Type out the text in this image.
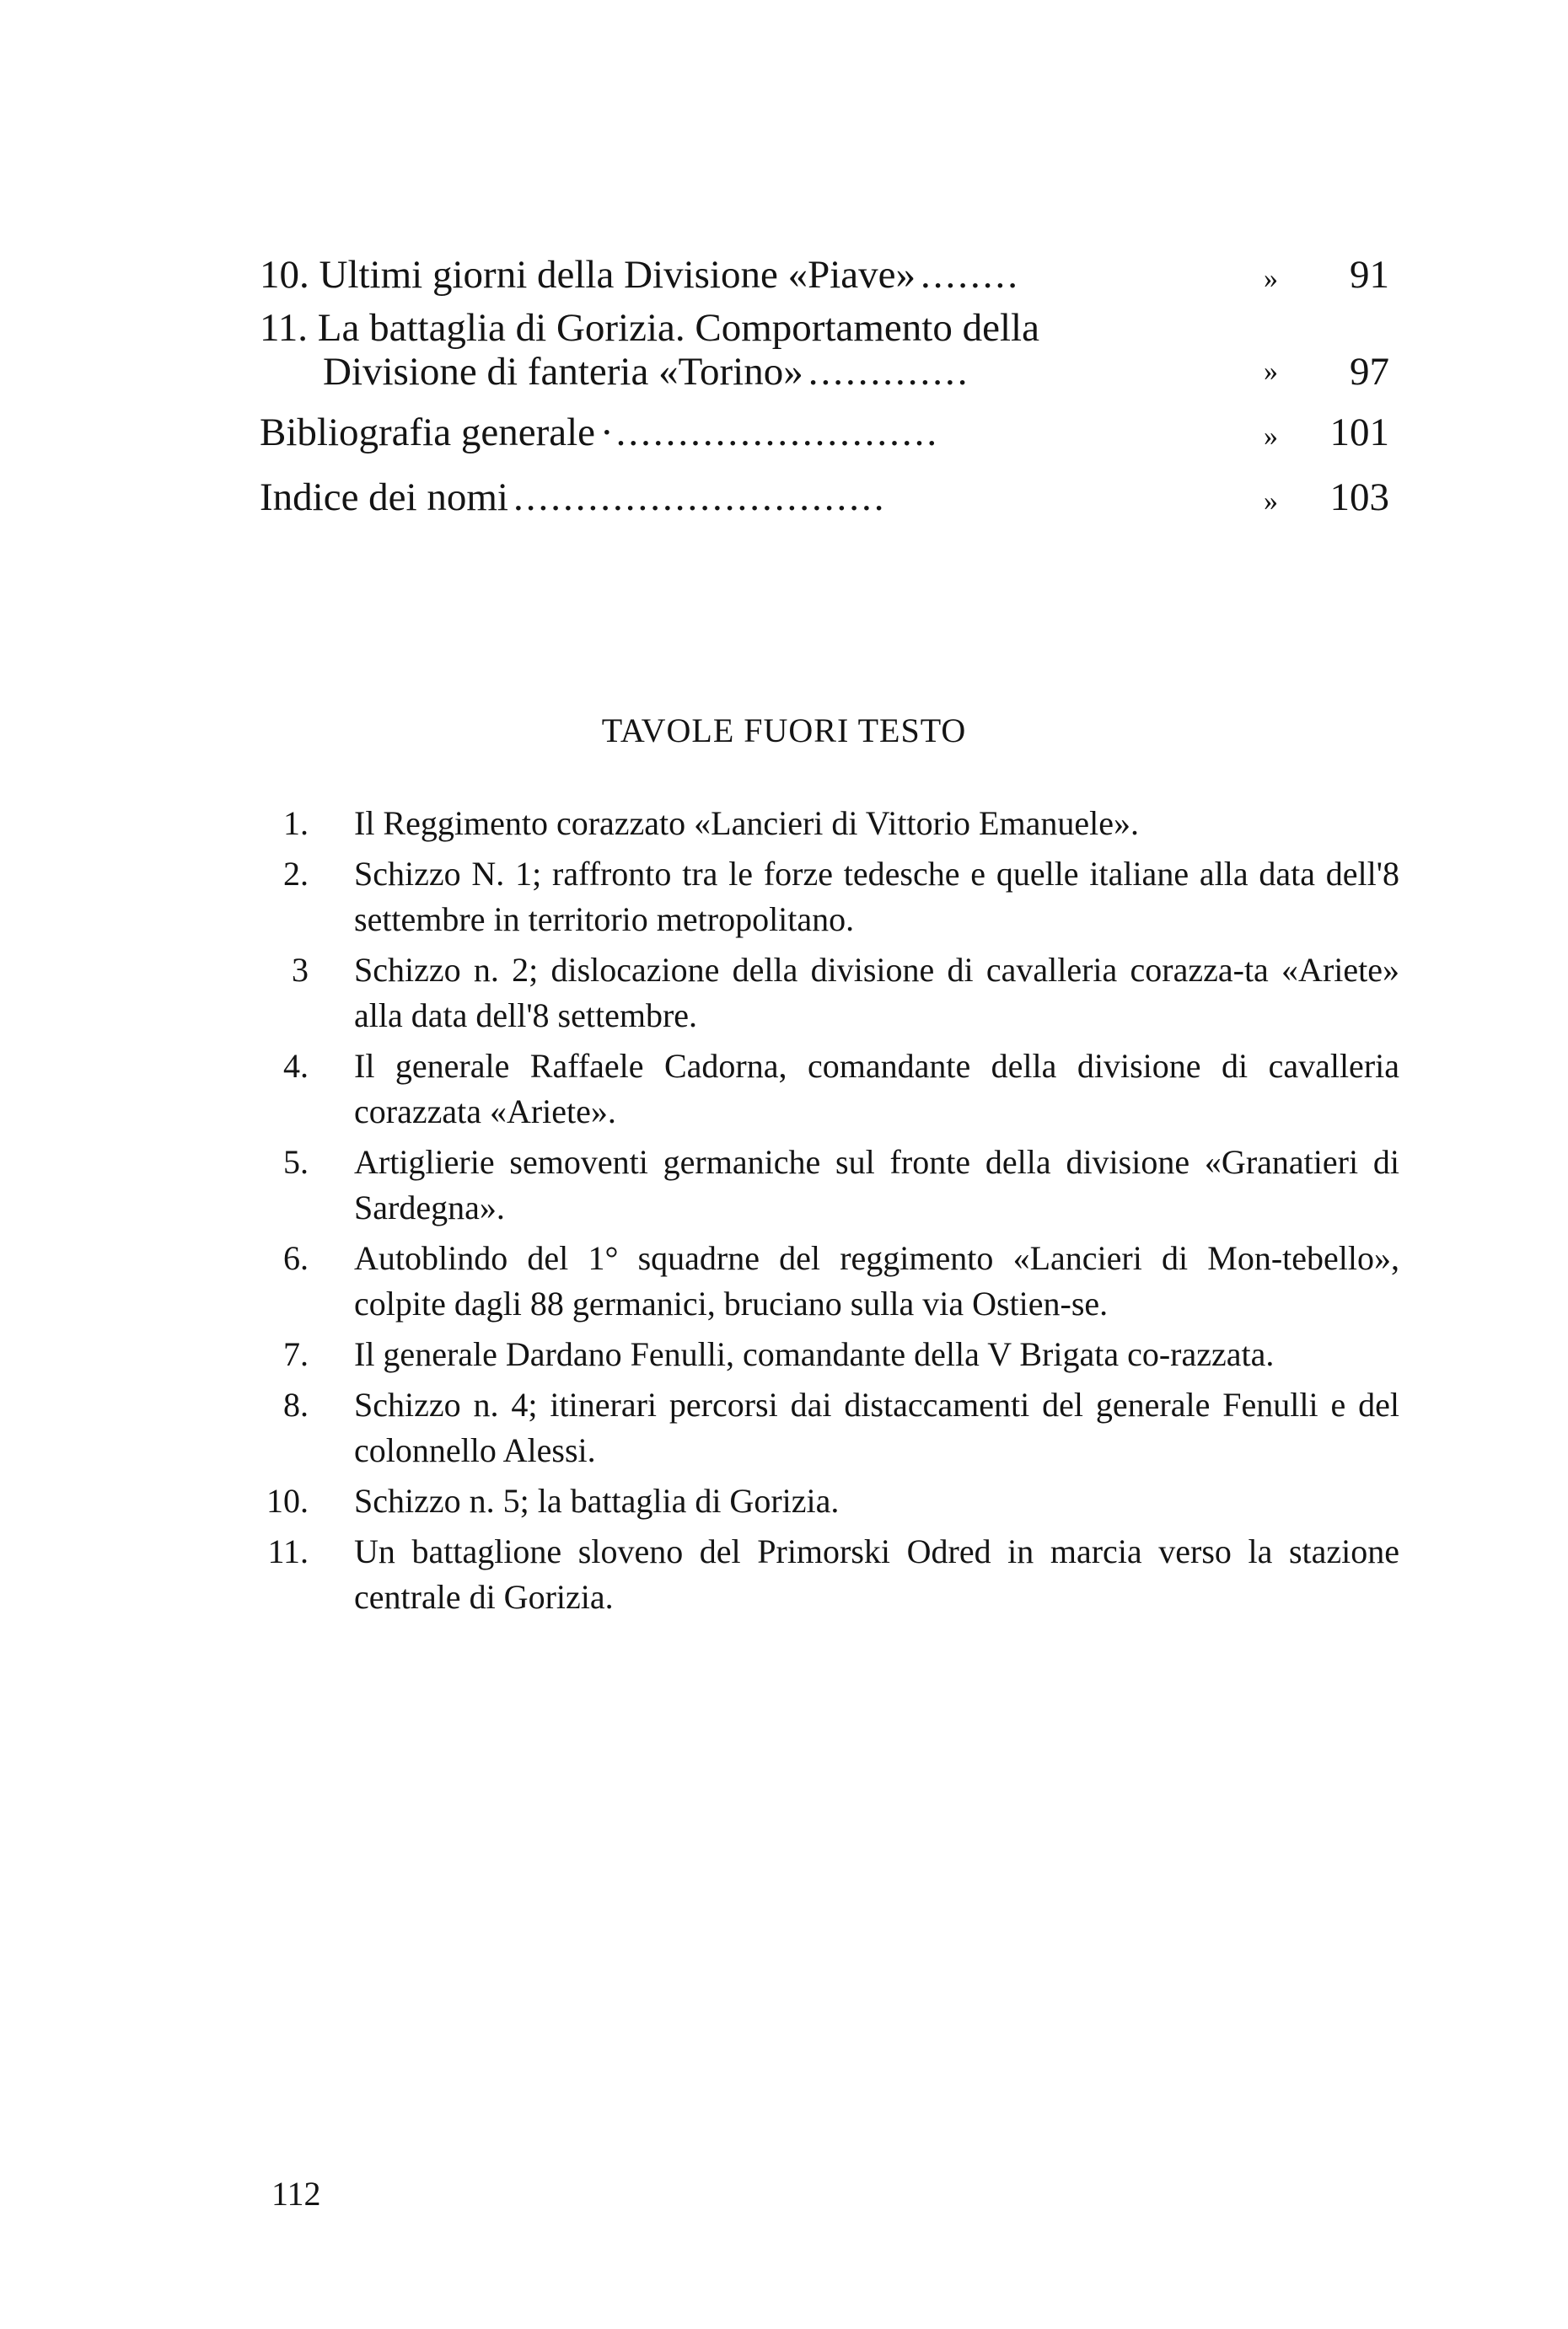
10. Ultimi giorni della Divisione «Piave» ........	»	91
11. La battaglia di Gorizia. Comportamento della
Divisione di fanteria «Torino» .............	»	97
Bibliografia generale ·..........................	»	101
Indice dei nomi ..............................	»	103
TAVOLE FUORI TESTO
1. Il Reggimento corazzato «Lancieri di Vittorio Emanuele».
2. Schizzo N. 1; raffronto tra le forze tedesche e quelle italiane alla data dell'8 settembre in territorio metropolitano.
3 Schizzo n. 2; dislocazione della divisione di cavalleria corazza-ta «Ariete» alla data dell'8 settembre.
4. Il generale Raffaele Cadorna, comandante della divisione di cavalleria corazzata «Ariete».
5. Artiglierie semoventi germaniche sul fronte della divisione «Granatieri di Sardegna».
6. Autoblindo del 1° squadrne del reggimento «Lancieri di Mon-tebello», colpite dagli 88 germanici, bruciano sulla via Ostien-se.
7. Il generale Dardano Fenulli, comandante della V Brigata co-razzata.
8. Schizzo n. 4; itinerari percorsi dai distaccamenti del generale Fenulli e del colonnello Alessi.
10. Schizzo n. 5; la battaglia di Gorizia.
11. Un battaglione sloveno del Primorski Odred in marcia verso la stazione centrale di Gorizia.
112
